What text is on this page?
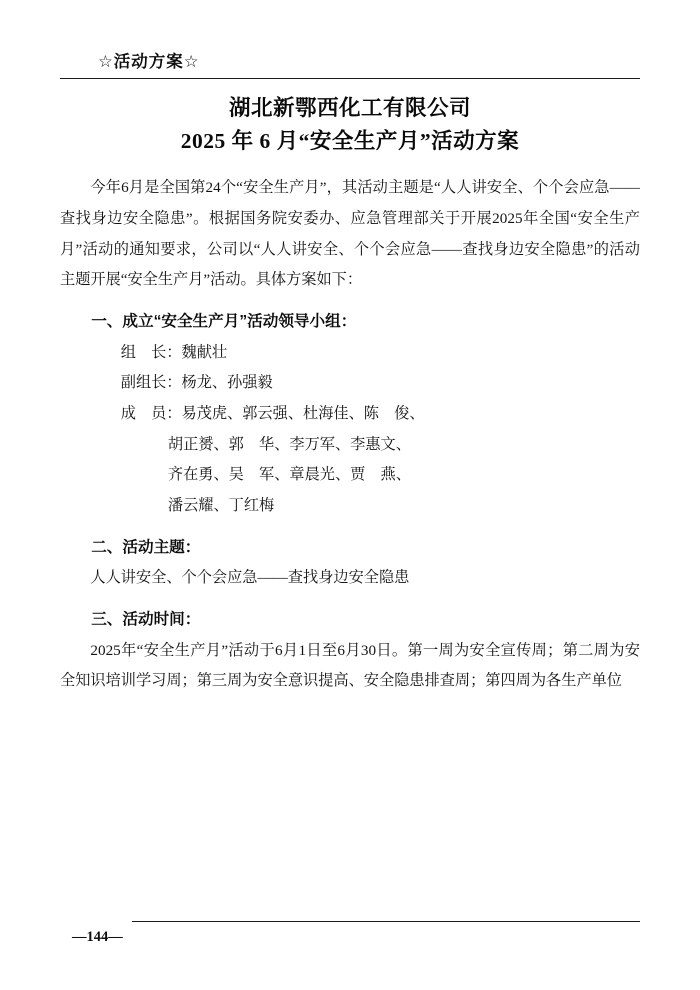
☆活动方案☆
湖北新鄂西化工有限公司
2025 年 6 月“安全生产月”活动方案

今年6月是全国第24个“安全生产月”，其活动主题是“人人讲安全、个个会应急——查找身边安全隐患”。根据国务院安委办、应急管理部关于开展2025年全国“安全生产月”活动的通知要求，公司以“人人讲安全、个个会应急——查找身边安全隐患”的活动主题开展“安全生产月”活动。具体方案如下：

一、成立“安全生产月”活动领导小组：
组　长：魏献壮
副组长：杨龙、孙强毅
成　员：易茂虎、郭云强、杜海佳、陈　俊、
胡正赟、郭　华、李万军、李惠文、
齐在勇、吴　军、章晨光、贾　燕、
潘云耀、丁红梅
二、活动主题：
人人讲安全、个个会应急——查找身边安全隐患
三、活动时间：

2025年“安全生产月”活动于6月1日至6月30日。第一周为安全宣传周；第二周为安全知识培训学习周；第三周为安全意识提高、安全隐患排查周；第四周为各生产单位

—144—
